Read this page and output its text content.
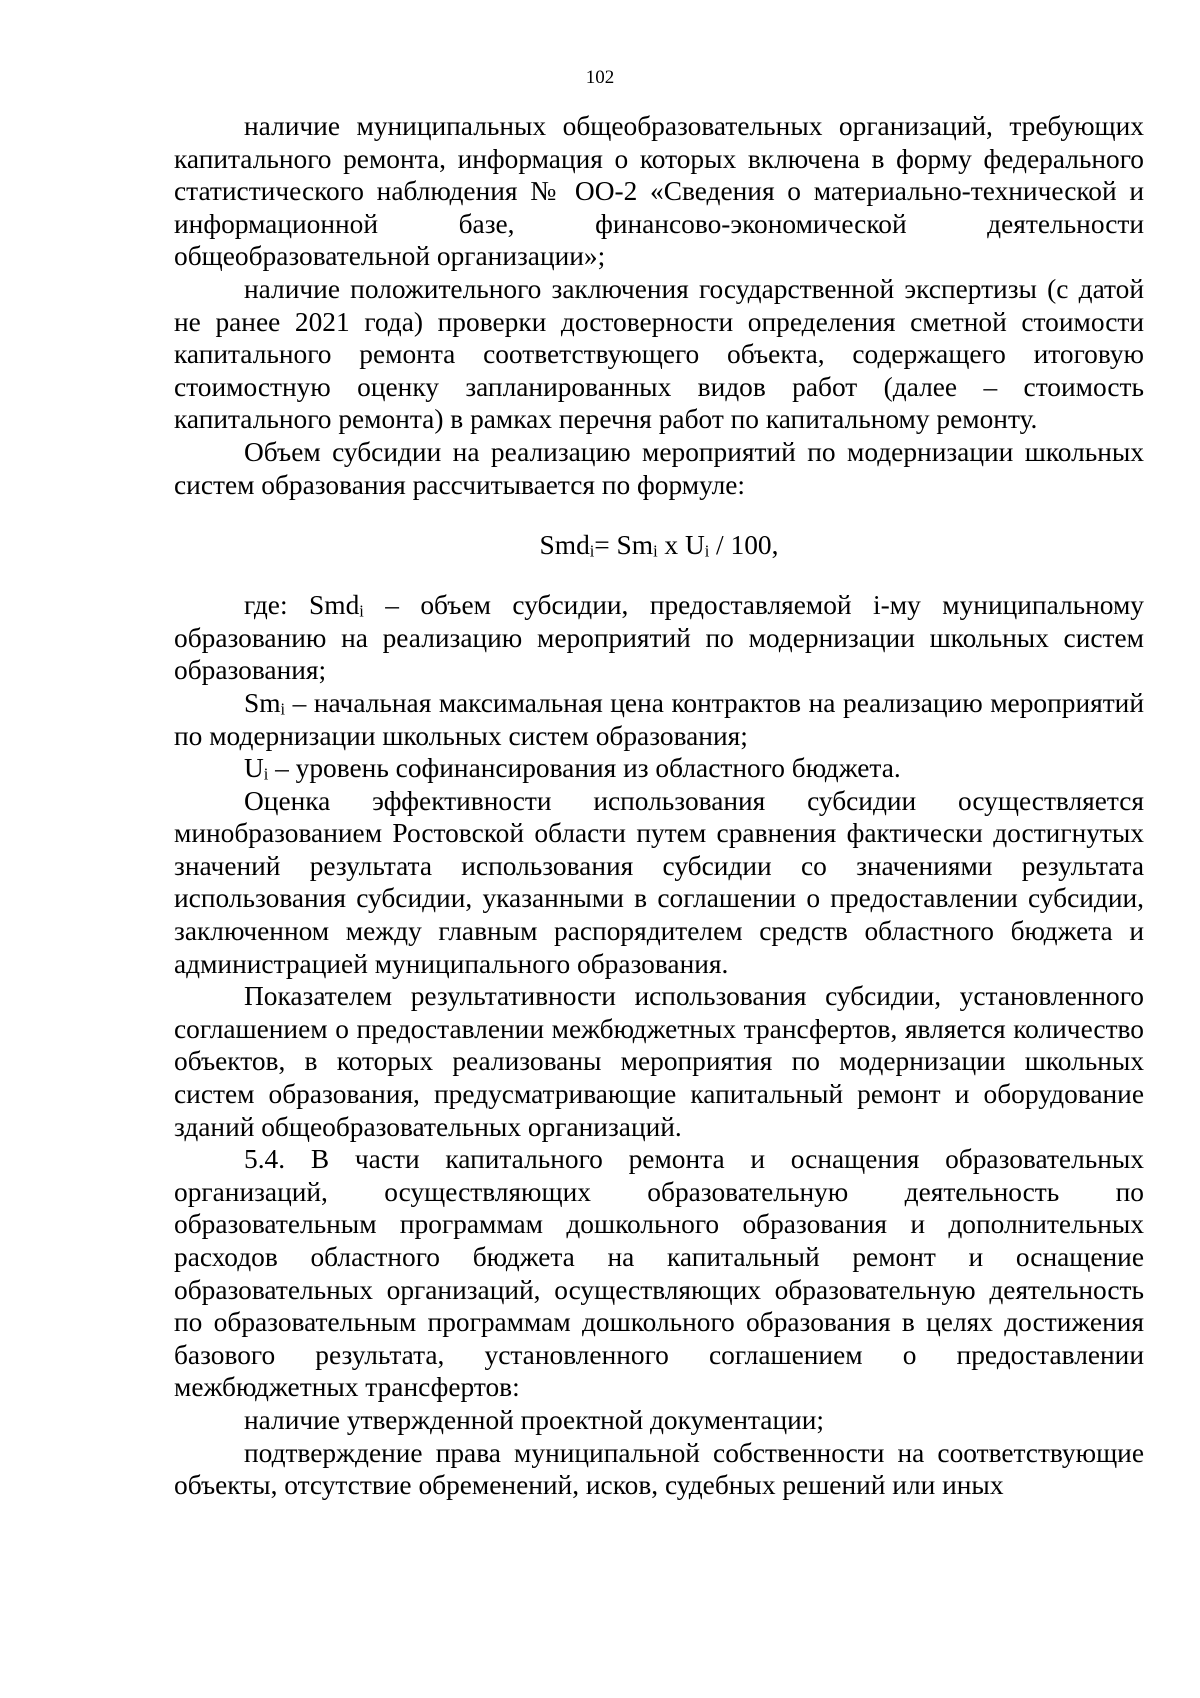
102

наличие муниципальных общеобразовательных организаций, требующих капитального ремонта, информация о которых включена в форму федерального статистического наблюдения № ОО-2 «Сведения о материально-технической и информационной базе, финансово-экономической деятельности общеобразовательной организации»;

наличие положительного заключения государственной экспертизы (с датой не ранее 2021 года) проверки достоверности определения сметной стоимости капитального ремонта соответствующего объекта, содержащего итоговую стоимостную оценку запланированных видов работ (далее – стоимость капитального ремонта) в рамках перечня работ по капитальному ремонту.

Объем субсидии на реализацию мероприятий по модернизации школьных систем образования рассчитывается по формуле:

Smdᵢ= Smᵢ x Uᵢ / 100,

где: Smdᵢ – объем субсидии, предоставляемой i-му муниципальному образованию на реализацию мероприятий по модернизации школьных систем образования;

Smᵢ – начальная максимальная цена контрактов на реализацию мероприятий по модернизации школьных систем образования;

Uᵢ – уровень софинансирования из областного бюджета.

Оценка эффективности использования субсидии осуществляется минобразованием Ростовской области путем сравнения фактически достигнутых значений результата использования субсидии со значениями результата использования субсидии, указанными в соглашении о предоставлении субсидии, заключенном между главным распорядителем средств областного бюджета и администрацией муниципального образования.

Показателем результативности использования субсидии, установленного соглашением о предоставлении межбюджетных трансфертов, является количество объектов, в которых реализованы мероприятия по модернизации школьных систем образования, предусматривающие капитальный ремонт и оборудование зданий общеобразовательных организаций.

5.4. В части капитального ремонта и оснащения образовательных организаций, осуществляющих образовательную деятельность по образовательным программам дошкольного образования и дополнительных расходов областного бюджета на капитальный ремонт и оснащение образовательных организаций, осуществляющих образовательную деятельность по образовательным программам дошкольного образования в целях достижения базового результата, установленного соглашением о предоставлении межбюджетных трансфертов:

наличие утвержденной проектной документации;

подтверждение права муниципальной собственности на соответствующие объекты, отсутствие обременений, исков, судебных решений или иных
